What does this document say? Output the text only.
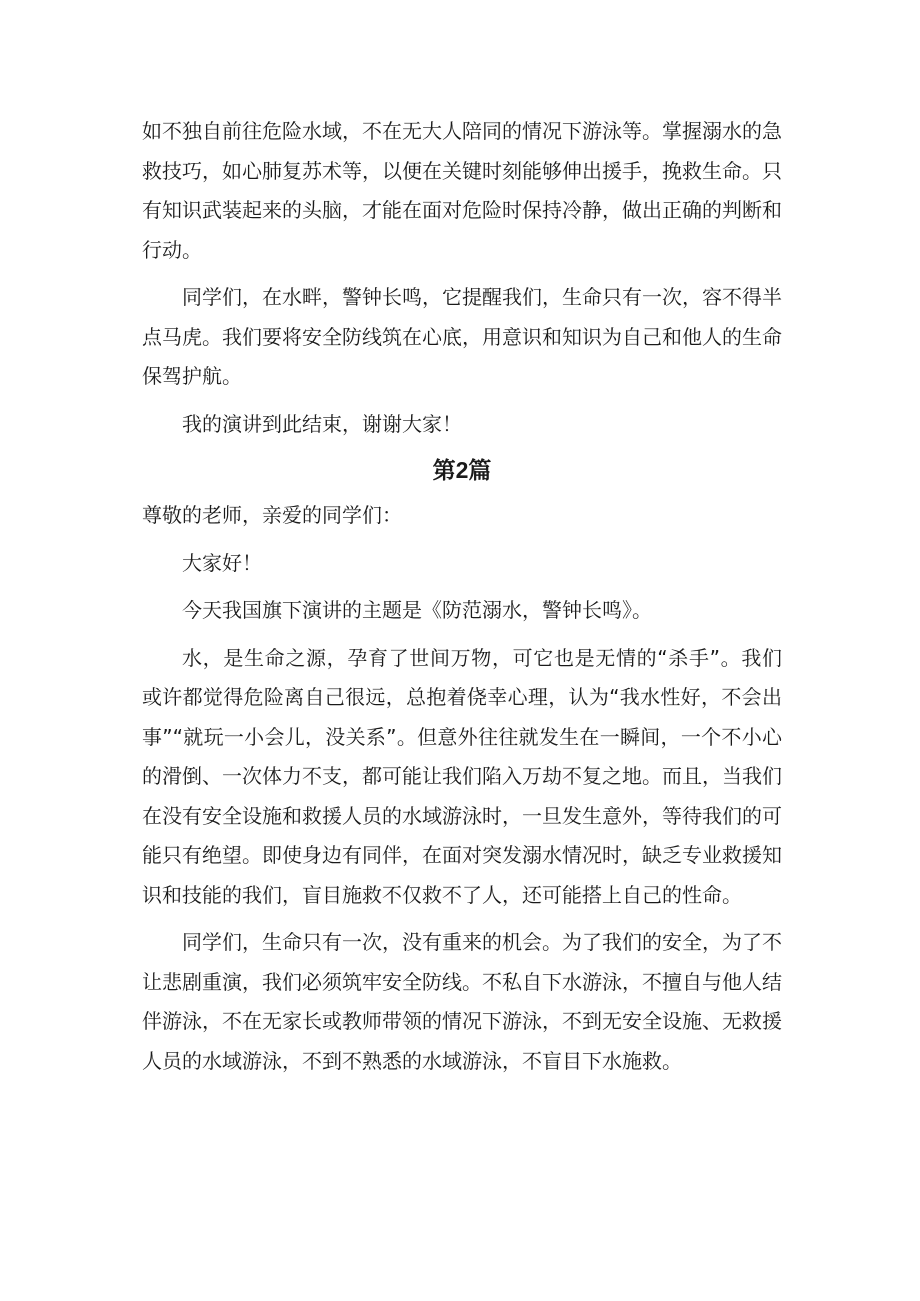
如不独自前往危险水域，不在无大人陪同的情况下游泳等。掌握溺水的急救技巧，如心肺复苏术等，以便在关键时刻能够伸出援手，挽救生命。只有知识武装起来的头脑，才能在面对危险时保持冷静，做出正确的判断和行动。

同学们，在水畔，警钟长鸣，它提醒我们，生命只有一次，容不得半点马虎。我们要将安全防线筑在心底，用意识和知识为自己和他人的生命保驾护航。

我的演讲到此结束，谢谢大家！

第2篇

尊敬的老师，亲爱的同学们：

大家好！

今天我国旗下演讲的主题是《防范溺水，警钟长鸣》。

水，是生命之源，孕育了世间万物，可它也是无情的“杀手”。我们或许都觉得危险离自己很远，总抱着侥幸心理，认为“我水性好，不会出事”“就玩一小会儿，没关系”。但意外往往就发生在一瞬间，一个不小心的滑倒、一次体力不支，都可能让我们陷入万劫不复之地。而且，当我们在没有安全设施和救援人员的水域游泳时，一旦发生意外，等待我们的可能只有绝望。即使身边有同伴，在面对突发溺水情况时，缺乏专业救援知识和技能的我们，盲目施救不仅救不了人，还可能搭上自己的性命。

同学们，生命只有一次，没有重来的机会。为了我们的安全，为了不让悲剧重演，我们必须筑牢安全防线。不私自下水游泳，不擅自与他人结伴游泳，不在无家长或教师带领的情况下游泳，不到无安全设施、无救援人员的水域游泳，不到不熟悉的水域游泳，不盲目下水施救。
